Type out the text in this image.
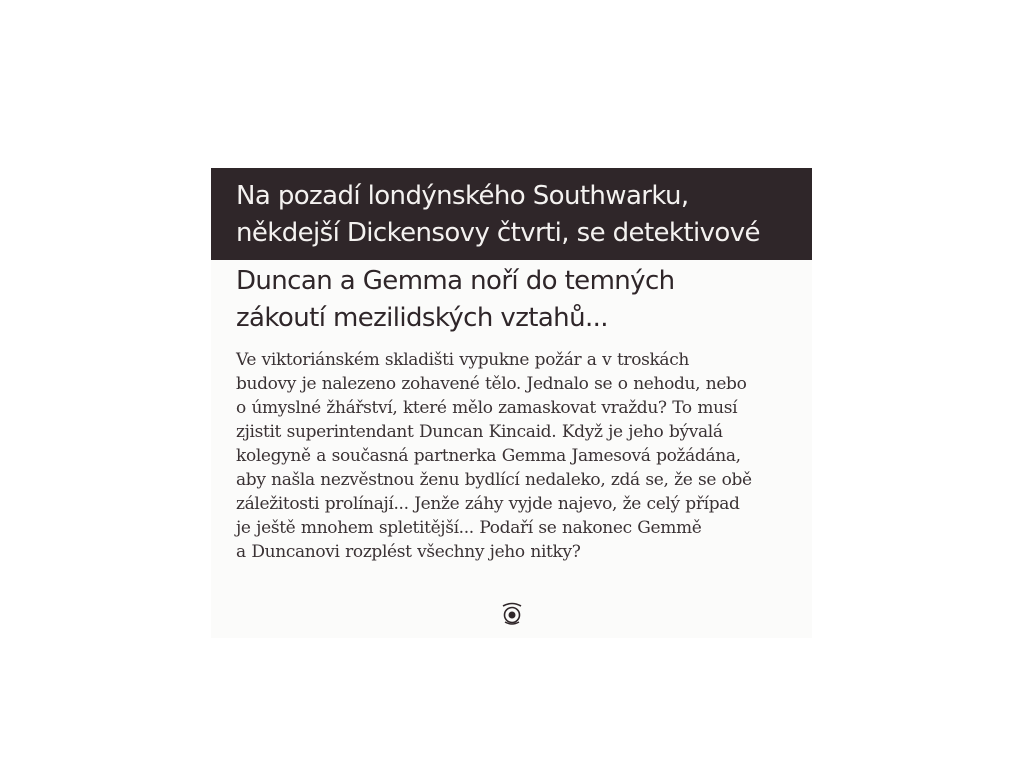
Na pozadí londýnského Southwarku,
někdejší Dickensovy čtvrti, se detektivové
Duncan a Gemma noří do temných
zákoutí mezilidských vztahů...
Ve viktoriánském skladišti vypukne požár a v troskách
budovy je nalezeno zohavené tělo. Jednalo se o nehodu, nebo
o úmyslné žhářství, které mělo zamaskovat vraždu? To musí
zjistit superintendant Duncan Kincaid. Když je jeho bývalá
kolegyně a současná partnerka Gemma Jamesová požádána,
aby našla nezvěstnou ženu bydlící nedaleko, zdá se, že se obě
záležitosti prolínají... Jenže záhy vyjde najevo, že celý případ
je ještě mnohem spletitější... Podaří se nakonec Gemmě
a Duncanovi rozplést všechny jeho nitky?
